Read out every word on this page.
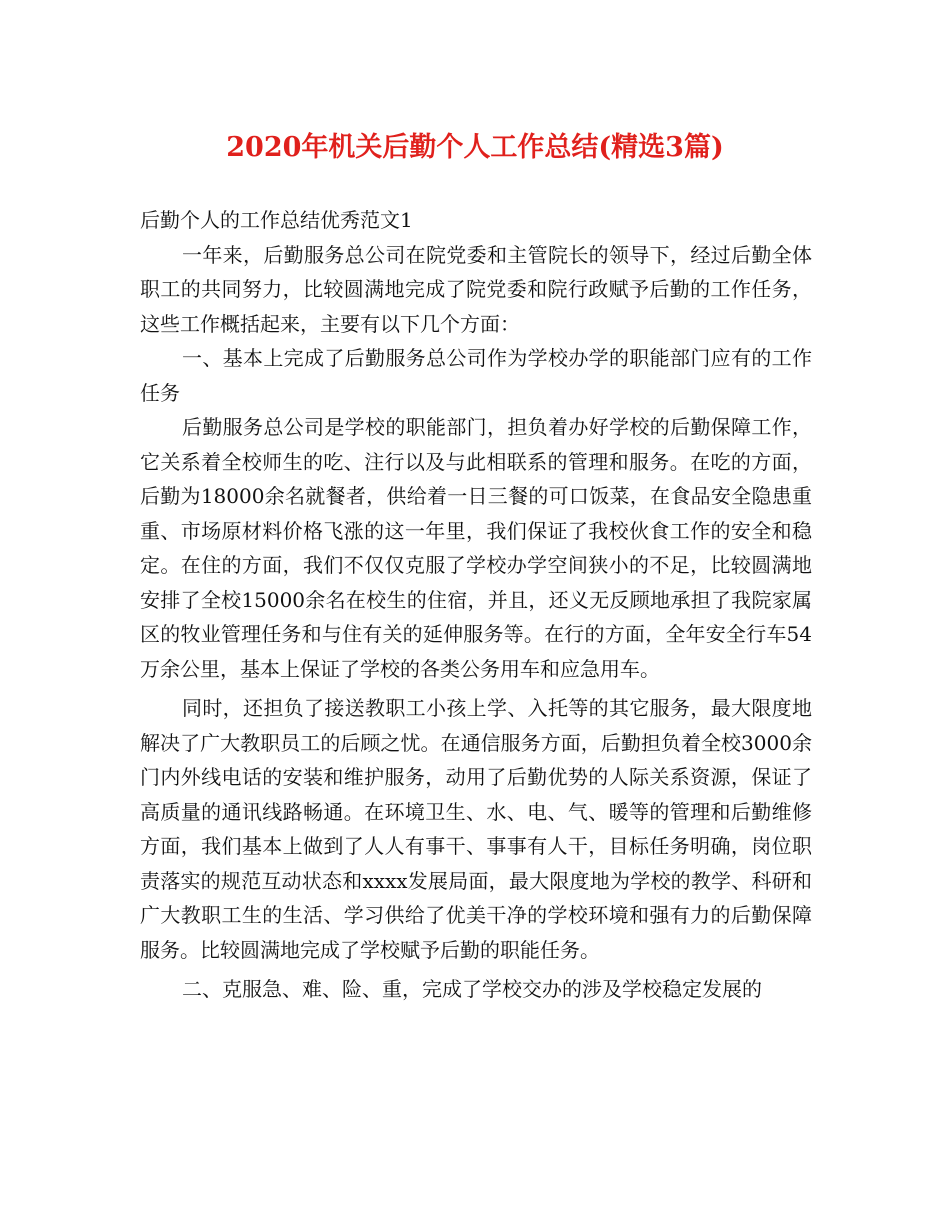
2020年机关后勤个人工作总结(精选3篇)

后勤个人的工作总结优秀范文1

一年来，后勤服务总公司在院党委和主管院长的领导下，经过后勤全体职工的共同努力，比较圆满地完成了院党委和院行政赋予后勤的工作任务，这些工作概括起来，主要有以下几个方面：

一、基本上完成了后勤服务总公司作为学校办学的职能部门应有的工作任务

后勤服务总公司是学校的职能部门，担负着办好学校的后勤保障工作，它关系着全校师生的吃、注行以及与此相联系的管理和服务。在吃的方面，后勤为18000余名就餐者，供给着一日三餐的可口饭菜，在食品安全隐患重重、市场原材料价格飞涨的这一年里，我们保证了我校伙食工作的安全和稳定。在住的方面，我们不仅仅克服了学校办学空间狭小的不足，比较圆满地安排了全校15000余名在校生的住宿，并且，还义无反顾地承担了我院家属区的牧业管理任务和与住有关的延伸服务等。在行的方面，全年安全行车54万余公里，基本上保证了学校的各类公务用车和应急用车。

同时，还担负了接送教职工小孩上学、入托等的其它服务，最大限度地解决了广大教职员工的后顾之忧。在通信服务方面，后勤担负着全校3000余门内外线电话的安装和维护服务，动用了后勤优势的人际关系资源，保证了高质量的通讯线路畅通。在环境卫生、水、电、气、暖等的管理和后勤维修方面，我们基本上做到了人人有事干、事事有人干，目标任务明确，岗位职责落实的规范互动状态和xxxx发展局面，最大限度地为学校的教学、科研和广大教职工生的生活、学习供给了优美干净的学校环境和强有力的后勤保障服务。比较圆满地完成了学校赋予后勤的职能任务。

二、克服急、难、险、重，完成了学校交办的涉及学校稳定发展的
